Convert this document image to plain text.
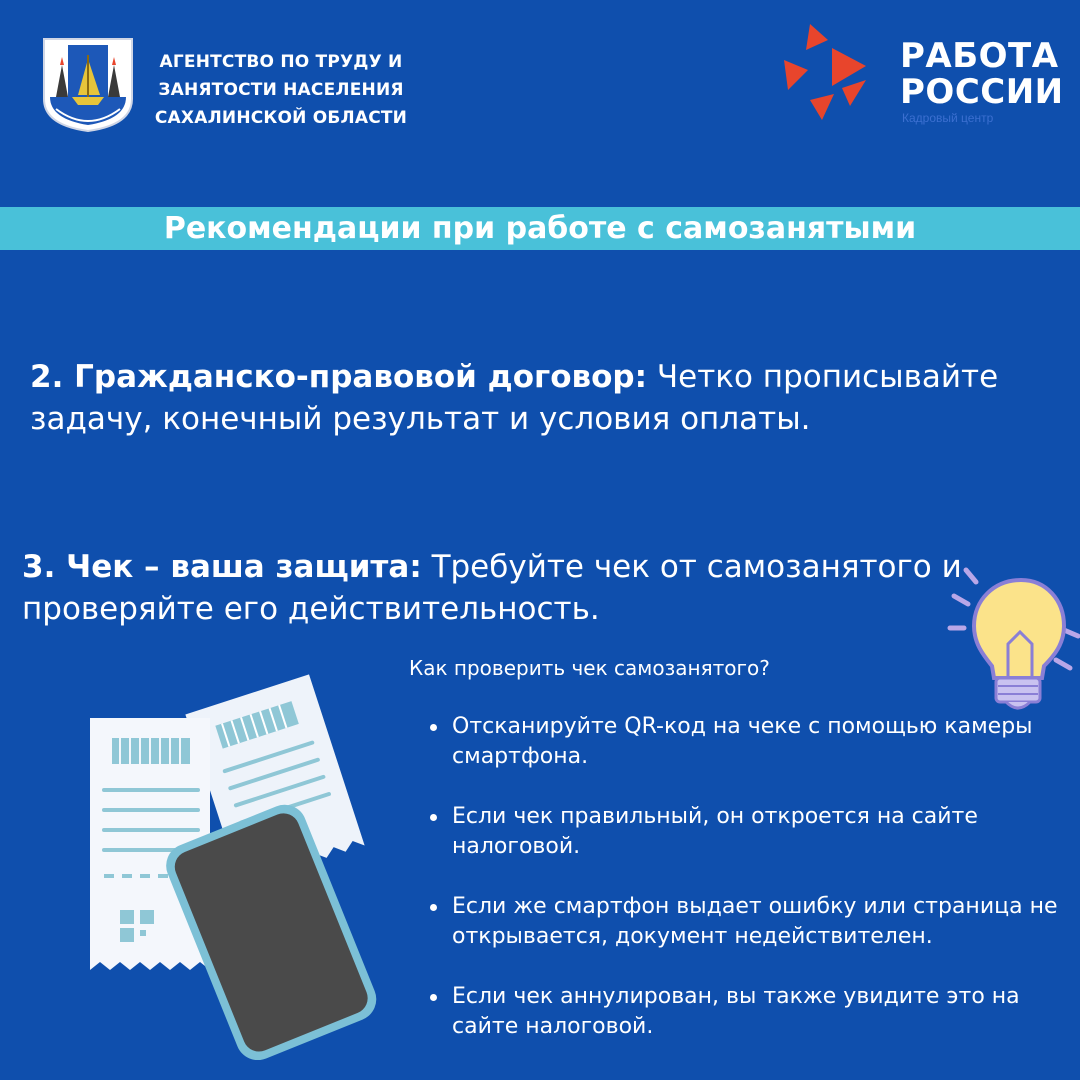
АГЕНТСТВО ПО ТРУДУ И
ЗАНЯТОСТИ НАСЕЛЕНИЯ
САХАЛИНСКОЙ ОБЛАСТИ
РАБОТА
РОССИИ
Кадровый центр
Рекомендации при работе с самозанятыми
2. Гражданско-правовой договор: Четко прописывайте задачу, конечный результат и условия оплаты.
3. Чек – ваша защита: Требуйте чек от самозанятого и проверяйте его действительность.
Как проверить чек самозанятого?
Отсканируйте QR-код на чеке с помощью камеры смартфона.
Если чек правильный, он откроется на сайте налоговой.
Если же смартфон выдает ошибку или страница не открывается, документ недействителен.
Если чек аннулирован, вы также увидите это на сайте налоговой.
